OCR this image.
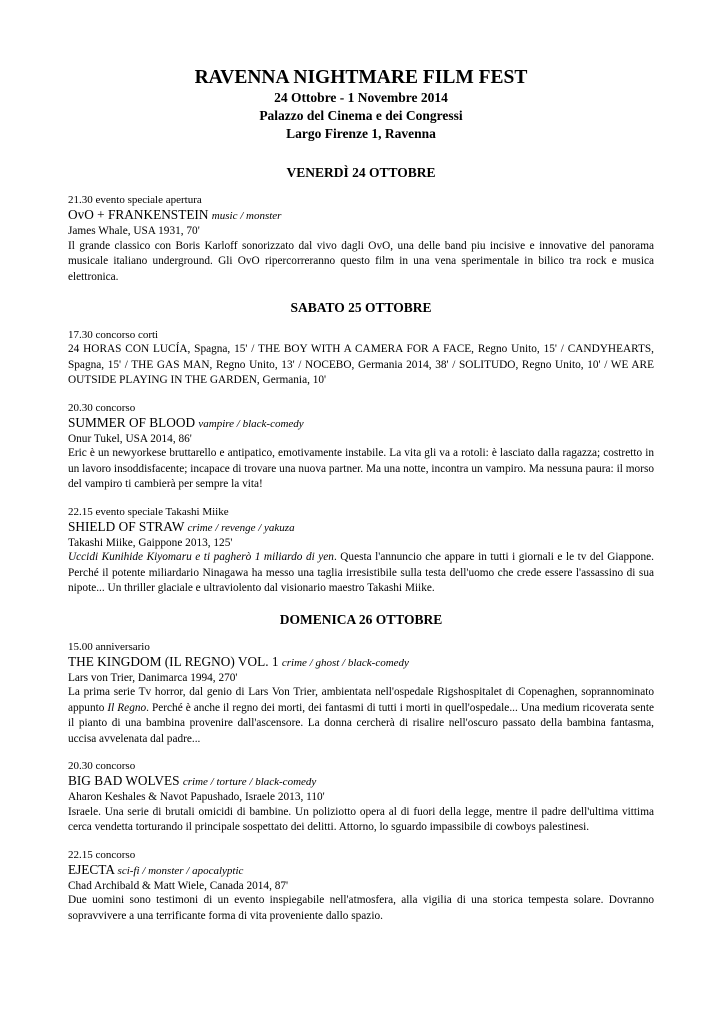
RAVENNA NIGHTMARE FILM FEST
24 Ottobre - 1 Novembre 2014
Palazzo del Cinema e dei Congressi
Largo Firenze 1, Ravenna
VENERDÌ 24 OTTOBRE
21.30 evento speciale apertura
OvO + FRANKENSTEIN music / monster
James Whale, USA 1931, 70'
Il grande classico con Boris Karloff sonorizzato dal vivo dagli OvO, una delle band piu incisive e innovative del panorama musicale italiano underground. Gli OvO ripercorreranno questo film in una vena sperimentale in bilico tra rock e musica elettronica.
SABATO 25 OTTOBRE
17.30 concorso corti
24 HORAS CON LUCÍA, Spagna, 15' / THE BOY WITH A CAMERA FOR A FACE, Regno Unito, 15' / CANDYHEARTS, Spagna, 15' / THE GAS MAN, Regno Unito, 13' / NOCEBO, Germania 2014, 38' / SOLITUDO, Regno Unito, 10' / WE ARE OUTSIDE PLAYING IN THE GARDEN, Germania, 10'
20.30 concorso
SUMMER OF BLOOD vampire / black-comedy
Onur Tukel, USA 2014, 86'
Eric è un newyorkese bruttarello e antipatico, emotivamente instabile. La vita gli va a rotoli: è lasciato dalla ragazza; costretto in un lavoro insoddisfacente; incapace di trovare una nuova partner. Ma una notte, incontra un vampiro. Ma nessuna paura: il morso del vampiro ti cambierà per sempre la vita!
22.15 evento speciale Takashi Miike
SHIELD OF STRAW crime / revenge / yakuza
Takashi Miike, Gaippone 2013, 125'
Uccidi Kunihide Kiyomaru e ti pagherò 1 miliardo di yen. Questa l'annuncio che appare in tutti i giornali e le tv del Giappone. Perché il potente miliardario Ninagawa ha messo una taglia irresistibile sulla testa dell'uomo che crede essere l'assassino di sua nipote... Un thriller glaciale e ultraviolento dal visionario maestro Takashi Miike.
DOMENICA 26 OTTOBRE
15.00 anniversario
THE KINGDOM (IL REGNO) VOL. 1 crime / ghost / black-comedy
Lars von Trier, Danimarca 1994, 270'
La prima serie Tv horror, dal genio di Lars Von Trier, ambientata nell'ospedale Rigshospitalet di Copenaghen, soprannominato appunto Il Regno. Perché è anche il regno dei morti, dei fantasmi di tutti i morti in quell'ospedale... Una medium ricoverata sente il pianto di una bambina provenire dall'ascensore. La donna cercherà di risalire nell'oscuro passato della bambina fantasma, uccisa avvelenata dal padre...
20.30 concorso
BIG BAD WOLVES crime / torture / black-comedy
Aharon Keshales & Navot Papushado, Israele 2013, 110'
Israele. Una serie di brutali omicidi di bambine. Un poliziotto opera al di fuori della legge, mentre il padre dell'ultima vittima cerca vendetta torturando il principale sospettato dei delitti. Attorno, lo sguardo impassibile di cowboys palestinesi.
22.15 concorso
EJECTA sci-fi / monster / apocalyptic
Chad Archibald & Matt Wiele, Canada 2014, 87'
Due uomini sono testimoni di un evento inspiegabile nell'atmosfera, alla vigilia di una storica tempesta solare. Dovranno sopravvivere a una terrificante forma di vita proveniente dallo spazio.
